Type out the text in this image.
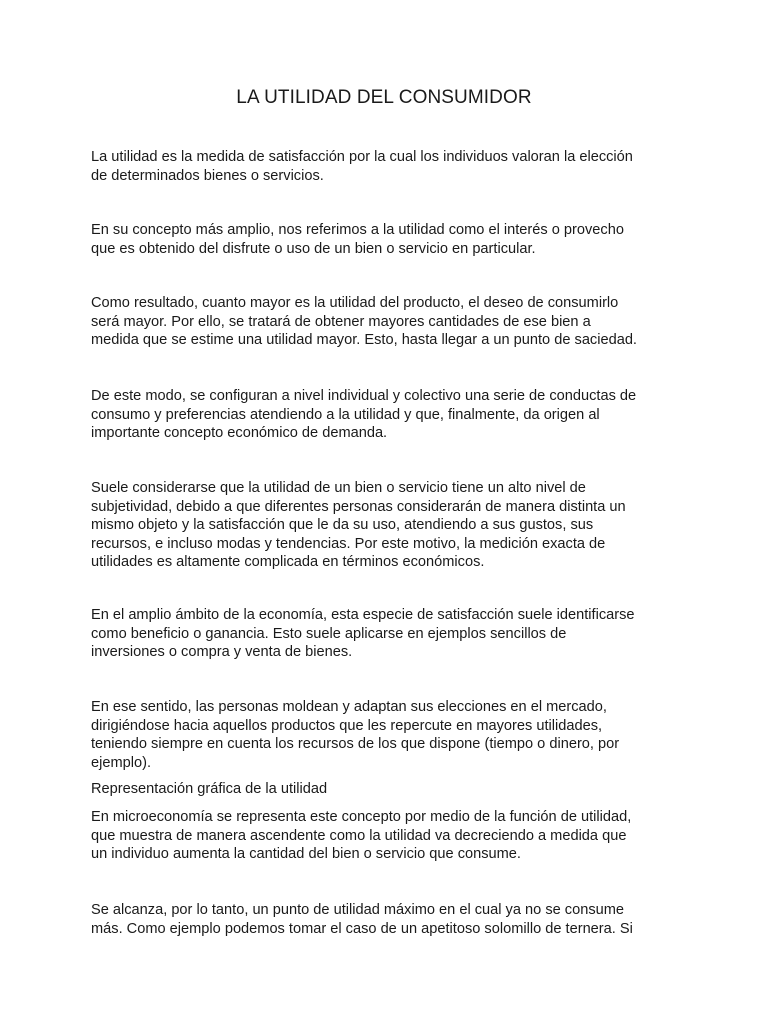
LA UTILIDAD DEL CONSUMIDOR

La utilidad es la medida de satisfacción por la cual los individuos valoran la elección
de determinados bienes o servicios.

En su concepto más amplio, nos referimos a la utilidad como el interés o provecho
que es obtenido del disfrute o uso de un bien o servicio en particular.

Como resultado, cuanto mayor es la utilidad del producto, el deseo de consumirlo
será mayor. Por ello, se tratará de obtener mayores cantidades de ese bien a
medida que se estime una utilidad mayor. Esto, hasta llegar a un punto de saciedad.

De este modo, se configuran a nivel individual y colectivo una serie de conductas de
consumo y preferencias atendiendo a la utilidad y que, finalmente, da origen al
importante concepto económico de demanda.

Suele considerarse que la utilidad de un bien o servicio tiene un alto nivel de
subjetividad, debido a que diferentes personas considerarán de manera distinta un
mismo objeto y la satisfacción que le da su uso, atendiendo a sus gustos, sus
recursos, e incluso modas y tendencias. Por este motivo, la medición exacta de
utilidades es altamente complicada en términos económicos.

En el amplio ámbito de la economía, esta especie de satisfacción suele identificarse
como beneficio o ganancia. Esto suele aplicarse en ejemplos sencillos de
inversiones o compra y venta de bienes.

En ese sentido, las personas moldean y adaptan sus elecciones en el mercado,
dirigiéndose hacia aquellos productos que les repercute en mayores utilidades,
teniendo siempre en cuenta los recursos de los que dispone (tiempo o dinero, por
ejemplo).

Representación gráfica de la utilidad

En microeconomía se representa este concepto por medio de la función de utilidad,
que muestra de manera ascendente como la utilidad va decreciendo a medida que
un individuo aumenta la cantidad del bien o servicio que consume.

Se alcanza, por lo tanto, un punto de utilidad máximo en el cual ya no se consume
más. Como ejemplo podemos tomar el caso de un apetitoso solomillo de ternera. Si
